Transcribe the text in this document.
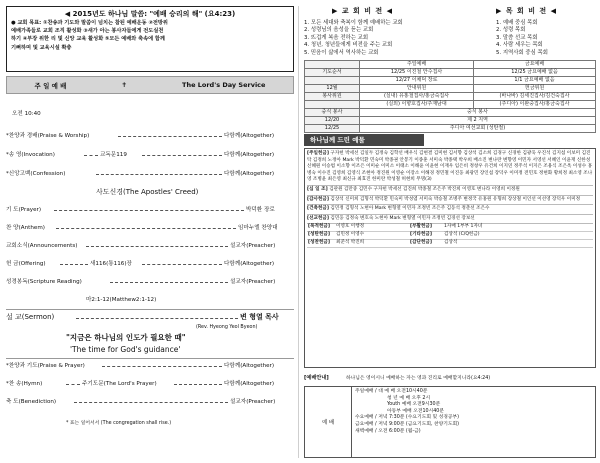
◀ 2015년도 하나님 말씀: "예배 승리의 해" (요4:23)
● 교회 목표: ①찬송과 기도와 말씀이 넘치는 참된 예배운동 ②전방위
예배가족들로 교회 조직 활성화 ③새가 아는 봉사자들에게 전도실천
하기 ④부장 위한 리 및 신앙 교육 활성화 ⑤모든 예배와 축속에 함께
기뻐하며 및 교육시설 확충
주 일 예 배	✝	The Lord's Day Service
오전 10:40
*찬양과 경배(Praise & Worship)	다함께(Altogether)
*송 영(Invocation)	교독문119	다함께(Altogether)
*신앙고백(Confession)	다함께(Altogether)
사도신경(The Apostles' Creed)
기 도(Prayer)	박덕환 장로
찬 양(Anthem)	임마누엘 찬양대
교회소식(Announcements)	설교자(Preacher)
헌 금(Offering)	새116(통116)장	다함께(Altogether)
성경봉독(Scripture Reading)	설교자(Preacher)
마2:1-12(Matthew2:1-12)
설 교(Sermon)	변 형열 목사
(Rev. Hyeong Yeol Byeon)
"지금은 하나님의 인도가 필요한 때"
'The time for God's guidance'
*찬양과 기도(Praise & Prayer)	다함께(Altogether)
*찬 송(Hymn)	주기도문(The Lord's Prayer)	다함께(Altogether)
축 도(Benediction)	설교자(Preacher)
* 표는 일어서서 (The congregation shall rise.)
▶ 교 회 비 전 ◀
1. 모든 세대와 축복이 함께 예배하는 교회
2. 성령님의 음성을 듣는 교회
3. 뜨겁게 복음 전하는 교회
4. 청년, 청년들에게 비전을 주는 교회
5. 믿음이 삶에서 역사하는 교회
▶ 목 회 비 전 ◀
1. 예배 중심 목회
2. 성령 목회
3. 말씀 선교 목회
4. 사람 세우는 목회
5. 지역사회 중심 목회
	주일예배	금요예배
기도순서	12/25 이진철 안수집사	12/25 금요예배 없음
	12/27 이채덕 장로	1/1 금요예배 없음
12월	안내위원	헌금위원
봉사위원	(실내) 유홍철집사/홍금숙집사	(바나바) 김세진집사/김건숙집사
	(실외) 이향호집사/주재남대	(주디아) 이완중집사/홍금숙집사
중식 봉사	중식 봉사	
12/20	제 2 지역	
12/25	주디아 여선교회 (성탄절)	
하나님께 드린 예물
[주일헌금] 구자헌 박세선 김일두 김정숙 김학선 배우식 김현결 김미현 김서향 김상석 김소희 김경구 신경한 김광욱 우진석 김지섭 이보미 김진탁 김정희 노정아 Mark 박덕환 민숙미 박종권 안봉기 이종훈 서미숙 박종택 박우희 배소진 변나란 변향영 이민자 서영선 서혜인 이윤재 신한성 신혜원 이승범 이소향 이조은 이미순 이미소 이태소 이해윤 이윤현 이재우 임은비 정창우 유건희 이지연 정주석 이지은 조용식 조은옥 이성수 홍병숙 이수진 김영희 김영식 조현아 정진원 이영순 이장소 이해경 정민철 이진웅 최광민 장인섭 장덕우 이미정 전민호 정현화 황희정 최소영 조나영 조병윤 최은영 최신규 최효진 한미란 박성철 허현희 무명(3)
[십 일 조] 김관원 김만중 김민수 구자헌 박세선 김진희 박종철 조은주 박진희 이영호 변나라 이영희 이정원
[감사헌금] 김상석 신미희 김형석 박덕환 민숙미 박성엽 서미숙 박승철 조병주 변정국 유홍원 유형희 장상철 이인선 이선영 장덕우 이미정
[건축헌금] 김민정 김형석 노현아 Mark 변형열 이민자 조정빈 조은주 김동석 정춘선 조은수
[선교헌금] 김민웅 김정숙 변호숙 노현아 Mark 변형열 이민자 조정빈 김경선 장보선
[목적헌금]	이영호 이행정	[부활헌금]	1자매 1부부 1자녀
[성탄헌금]	김민정 이영수	[기타헌금]	김상석 (C/Q헌금)
[성찬헌금]	최준석 박진희	[감단헌금]	김상석
[예배안내]	하나님은 영이시니 예배하는 자는 영과 진리로 예배할지니라(요4:24)
예 배
주일예배 / 대 예 배 오전10시40분
청 년 예 배 오후 2시
Youth 예배 오전9시30분
아동부 예배 오전10시40분
수요예배 / 저녁 7:30분 (수요기도회 및 성경공부)
금요예배 / 저녁 9:00분 (금요기도회, 찬양기도회)
새벽예배 / 오전 6:00분 (월-금)
